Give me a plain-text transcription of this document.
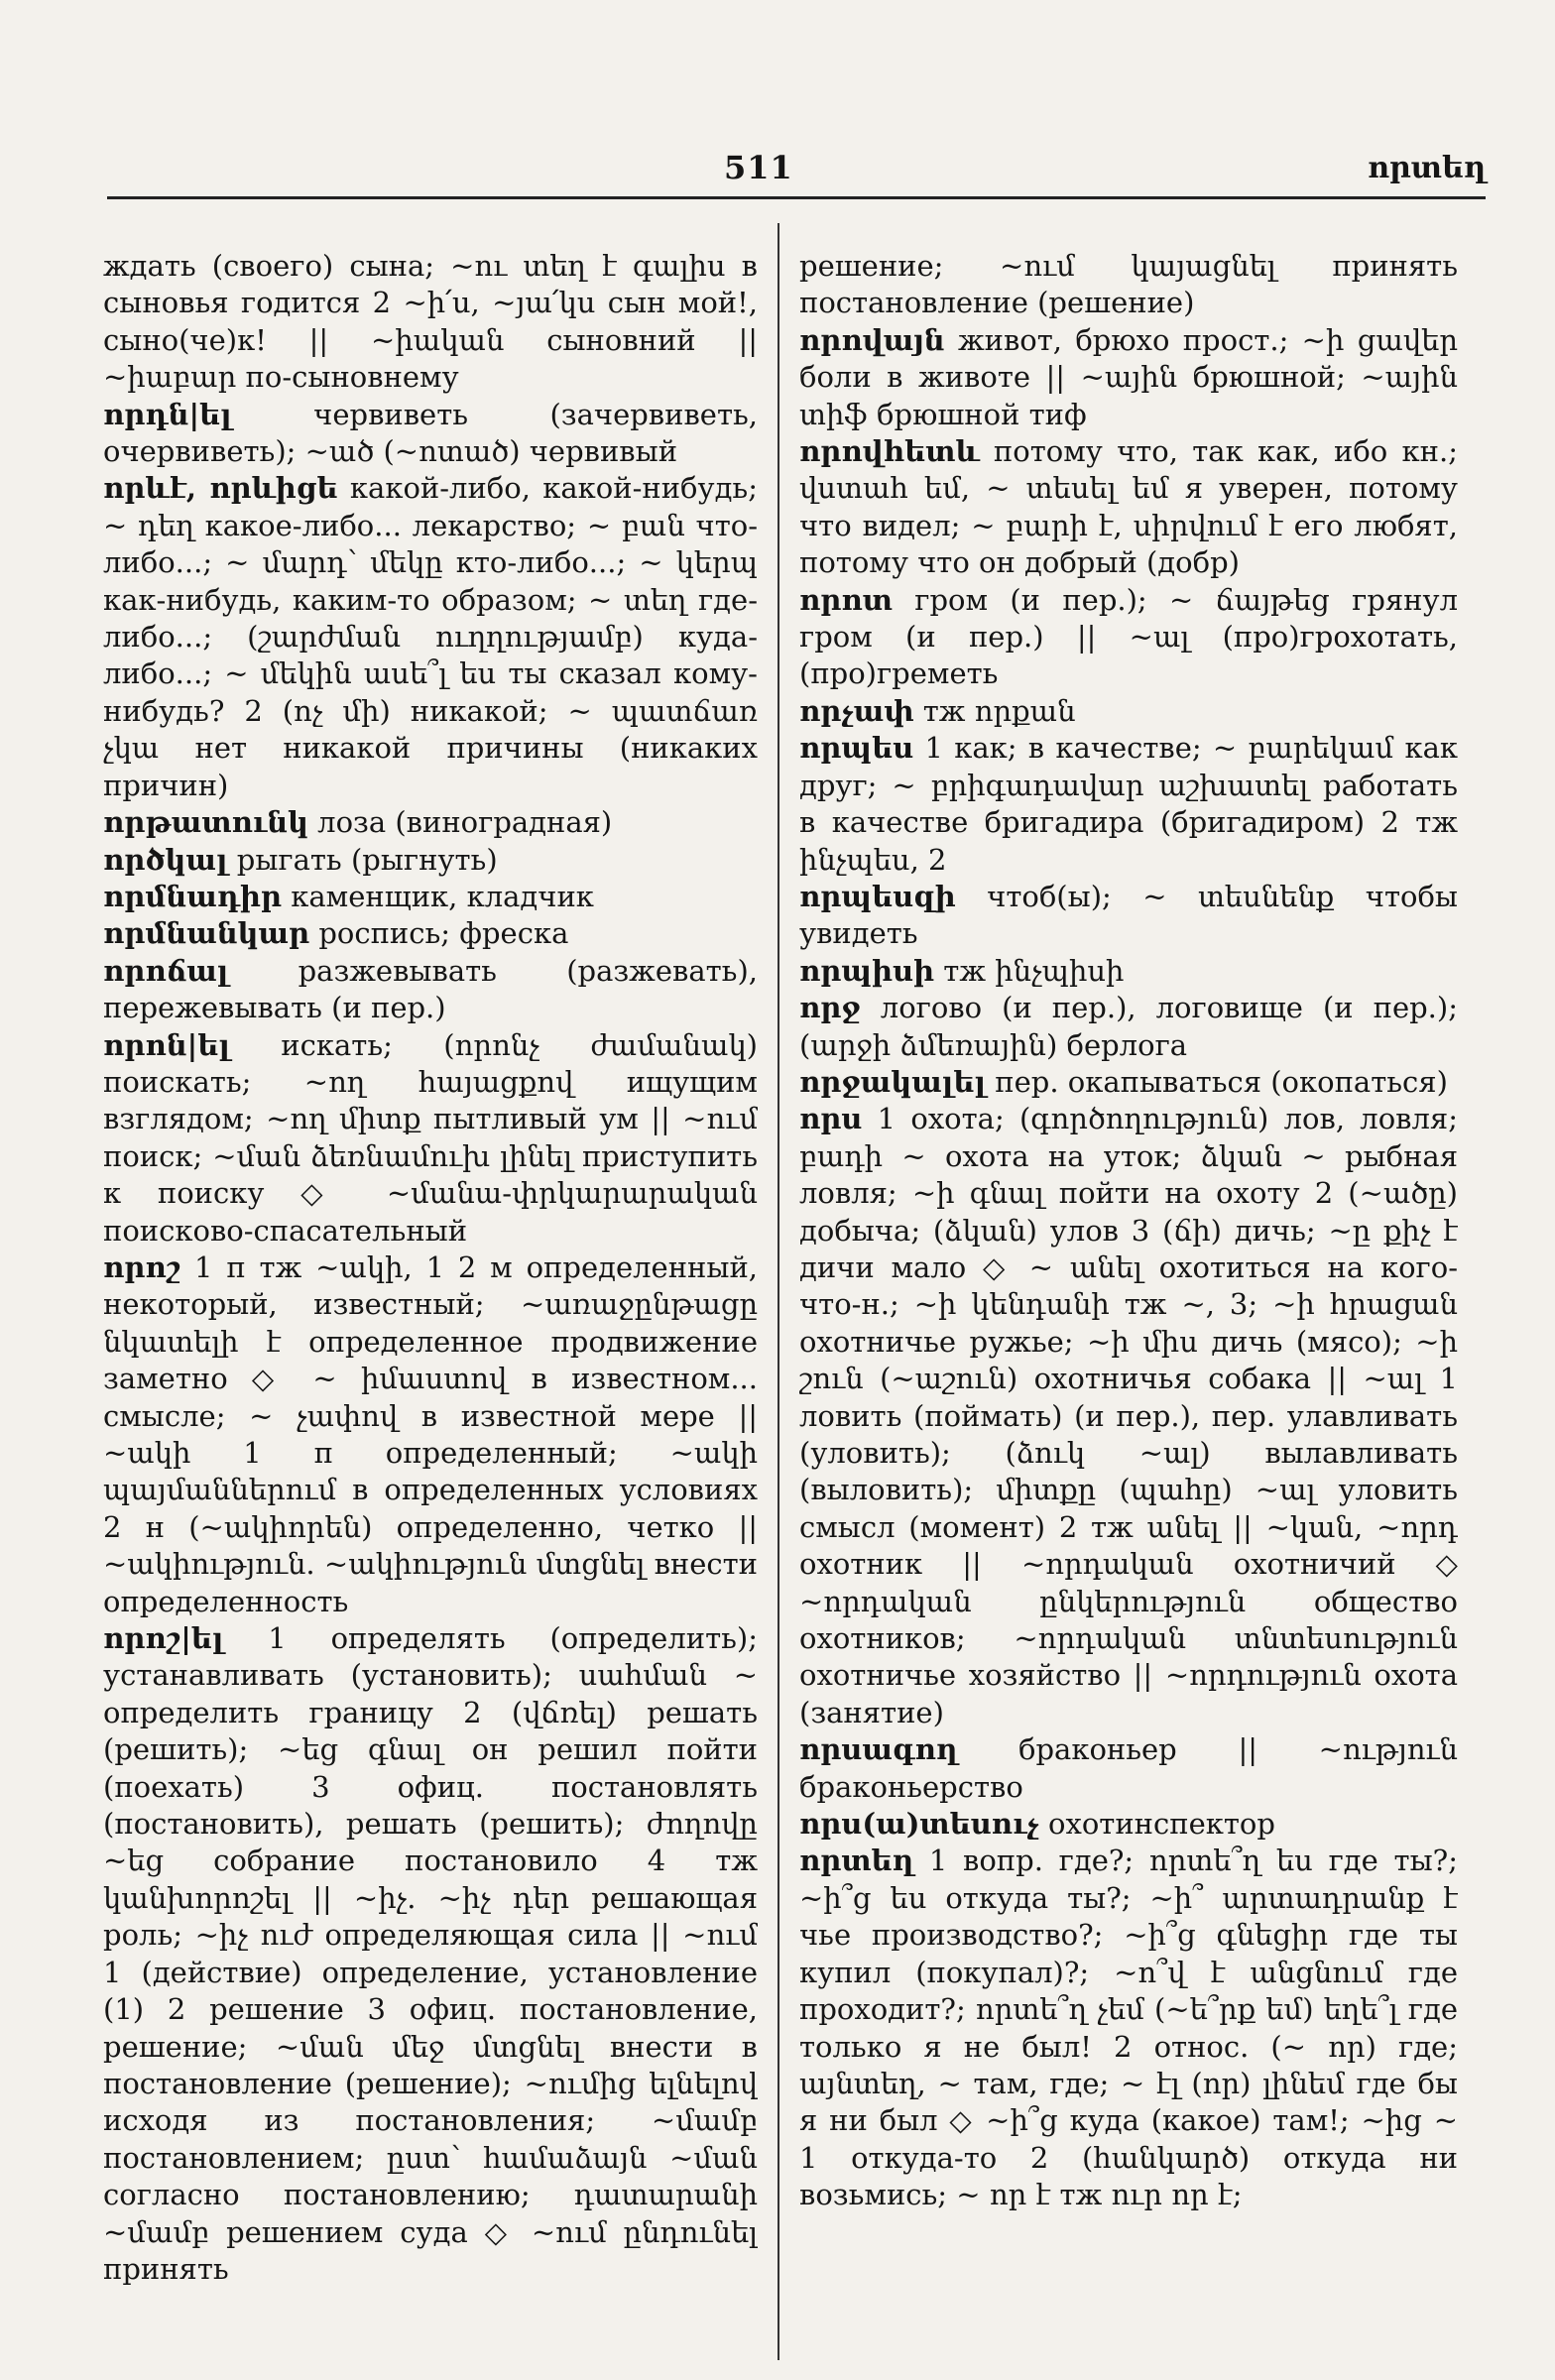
511	որտեղ

ждать (своего) сына; ~ու տեղ է գալիս в сыновья годится 2 ~ի՛ս, ~յա՛կս сын мой!, сыно(че)к! || ~իական сыновний || ~իաբար по-сыновнему

որդն|ել червиветь (зачервиветь, очервиветь); ~ած (~ոտած) червивый

որևէ, որևիցե какой-либо, какой-нибудь; ~ դեղ какое-либо... лекарство; ~ բան что-либо...; ~ մարդ՝ մեկը кто-либо...; ~ կերպ как-нибудь, каким-то образом; ~ տեղ где-либо...; (շարժման ուղղությամբ) куда-либо...; ~ մեկին ասե՞լ ես ты сказал кому-нибудь? 2 (ոչ մի) никакой; ~ պատճառ չկա нет никакой причины (никаких причин)

որթատունկ лоза (виноградная)

ործկալ рыгать (рыгнуть)

որմնադիր каменщик, кладчик

որմնանկար роспись; фреска

որոճալ разжевывать (разжевать), пережевывать (и пер.)

որոն|ել искать; (որոնչ ժամանակ) поискать; ~ող հայացքով ищущим взглядом; ~ող միտք пытливый ум || ~ում поиск; ~ման ձեռնամուխ լինել приступить к поиску ◇ ~մանա-փրկարարական поисково-спасательный

որոշ 1 п тж ~ակի, 1 2 м определенный, некоторый, известный; ~առաջընթացը նկատելի է определенное продвижение заметно ◇ ~ իմաստով в известном... смысле; ~ չափով в известной мере || ~ակի 1 п определенный; ~ակի պայմաններում в определенных условиях 2 н (~ակիորեն) определенно, четко || ~ակիություն. ~ակիություն մտցնել внести определенность

որոշ|ել 1 определять (определить); устанавливать (установить); սահման ~ определить границу 2 (վճռել) решать (решить); ~եց գնալ он решил пойти (поехать) 3 офиц. постановлять (постановить), решать (решить); ժողովը ~եց собрание постановило 4 тж կանխորոշել || ~իչ. ~իչ դեր решающая роль; ~իչ ուժ определяющая сила || ~ում 1 (действие) определение, установление (1) 2 решение 3 офиц. постановление, решение; ~ման մեջ մտցնել внести в постановление (решение); ~ումից ելնելով исходя из постановления; ~մամբ постановлением; ըստ՝ համաձայն ~ման согласно постановлению; դատարանի ~մամբ решением суда ◇ ~ում ընդունել принять

решение; ~ում կայացնել принять постановление (решение)

որովայն живот, брюхо прост.; ~ի ցավեր боли в животе || ~ային брюшной; ~ային տիֆ брюшной тиф

որովհետև потому что, так как, ибо кн.; վստահ եմ, ~ տեսել եմ я уверен, потому что видел; ~ բարի է, սիրվում է его любят, потому что он добрый (добр)

որոտ гром (и пер.); ~ ճայթեց грянул гром (и пер.) || ~ալ (про)грохотать, (про)греметь

որչափ тж որքան

որպես 1 как; в качестве; ~ բարեկամ как друг; ~ բրիգադավար աշխատել работать в качестве бригадира (бригадиром) 2 тж ինչպես, 2

որպեսզի чтоб(ы); ~ տեսնենք чтобы увидеть

որպիսի тж ինչպիսի

որջ логово (и пер.), логовище (и пер.); (արջի ձմեռային) берлога

որջակալել пер. окапываться (окопаться)

որս 1 охота; (գործողություն) лов, ловля; բադի ~ охота на уток; ձկան ~ рыбная ловля; ~ի գնալ пойти на охоту 2 (~ածը) добыча; (ձկան) улов 3 (ճի) дичь; ~ը քիչ է дичи мало ◇ ~ անել охотиться на кого-что-н.; ~ի կենդանի тж ~, 3; ~ի հրացան охотничье ружье; ~ի միս дичь (мясо); ~ի շուն (~աշուն) охотничья собака || ~ալ 1 ловить (поймать) (и пер.), пер. улавливать (уловить); (ձուկ ~ալ) вылавливать (выловить); միտքը (պահը) ~ալ уловить смысл (момент) 2 тж անել || ~կան, ~որդ охотник || ~որդական охотничий ◇ ~որդական ընկերություն общество охотников; ~որդական տնտեսություն охотничье хозяйство || ~որդություն охота (занятие)

որսագող браконьер || ~ություն браконьерство

որս(ա)տեսուչ охотинспектор

որտեղ 1 вопр. где?; որտե՞ղ ես где ты?; ~ի՞ց ես откуда ты?; ~ի՞ արտադրանք է чье производство?; ~ի՞ց գնեցիր где ты купил (покупал)?; ~ո՞վ է անցնում где проходит?; որտե՞ղ չեմ (~ե՞րք եմ) եղե՞լ где только я не был! 2 относ. (~ որ) где; այնտեղ, ~ там, где; ~ էլ (որ) լինեմ где бы я ни был ◇ ~ի՞ց куда (какое) там!; ~ից ~ 1 откуда-то 2 (հանկարծ) откуда ни возьмись; ~ որ է тж ուր որ է;
